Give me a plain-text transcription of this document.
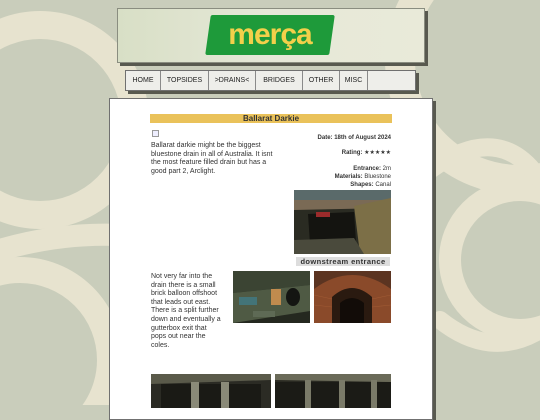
merça
HOME	TOPSIDES	>DRAINS<	BRIDGES	OTHER	MISC
Ballarat Darkie
Ballarat darkie might be the biggest bluestone drain in all of Australia. It isnt the most feature filled drain but has a good part 2, Arclight.
Date: 18th of August 2024
Rating: ★★★★★
Entrance: 2m
Materials: Bluestone
Shapes: Canal
downstream entrance
Not very far into the drain there is a small brick balloon offshoot that leads out east. There is a split further down and eventually a gutterbox exit that pops out near the coles.
